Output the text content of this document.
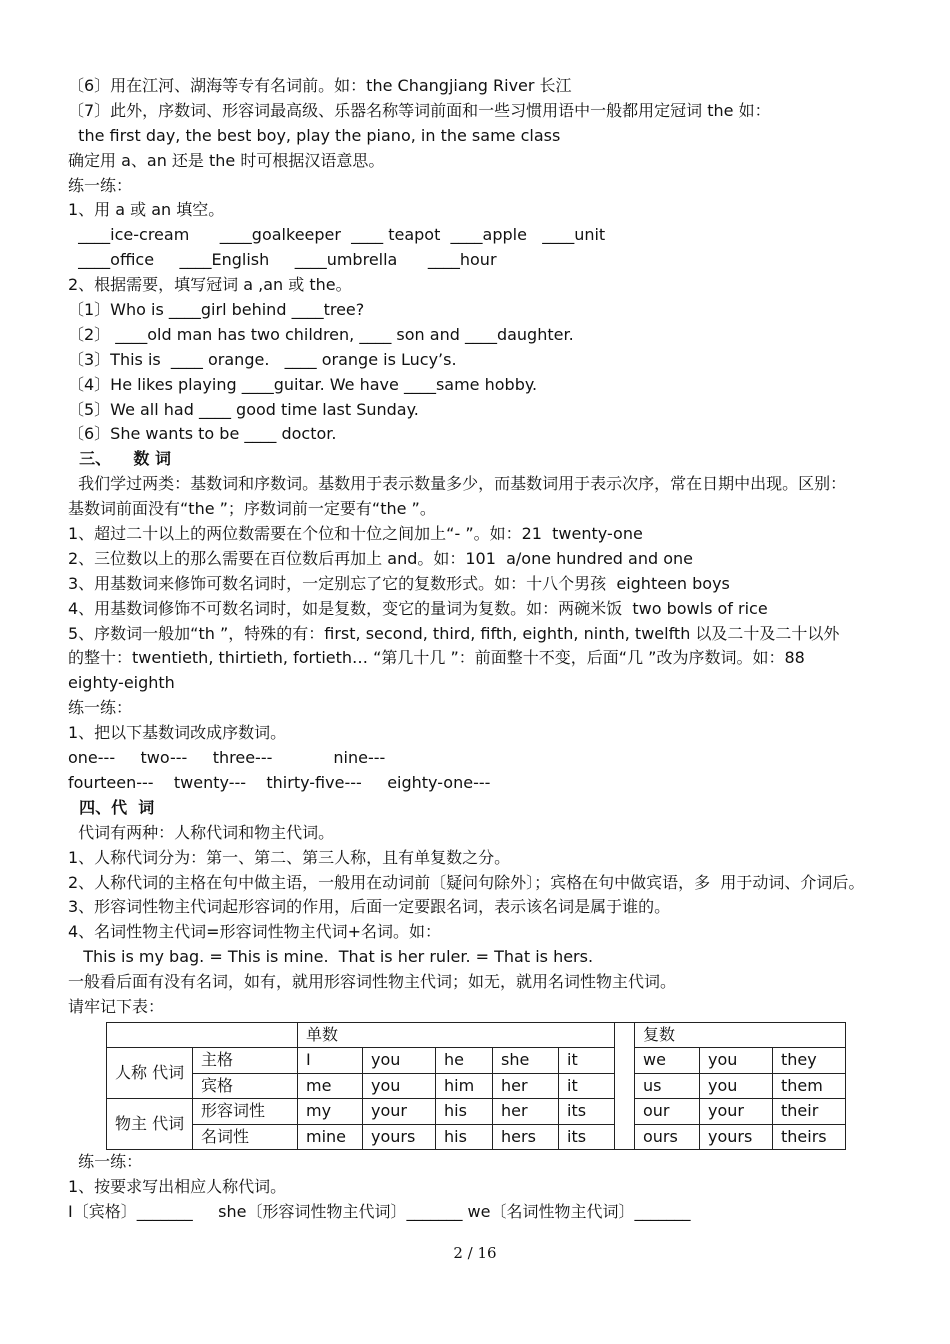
〔6〕用在江河、湖海等专有名词前。如：the Changjiang River 长江
〔7〕此外，序数词、形容词最高级、乐器名称等词前面和一些习惯用语中一般都用定冠词 the 如：
the first day, the best boy, play the piano, in the same class
确定用 a、an 还是 the 时可根据汉语意思。
练一练：
1、用 a 或 an 填空。
____ice-cream      ____goalkeeper  ____ teapot  ____apple   ____unit
____office     ____English     ____umbrella      ____hour
2、根据需要，填写冠词 a ,an 或 the。
〔1〕Who is ____girl behind ____tree?
〔2〕 ____old man has two children, ____ son and ____daughter.
〔3〕This is  ____ orange.   ____ orange is Lucy’s.
〔4〕He likes playing ____guitar. We have ____same hobby.
〔5〕We all had ____ good time last Sunday.
〔6〕She wants to be ____ doctor.
三、    数 词
我们学过两类：基数词和序数词。基数用于表示数量多少，而基数词用于表示次序，常在日期中出现。区别：
基数词前面没有“the ”；序数词前一定要有“the ”。
1、超过二十以上的两位数需要在个位和十位之间加上“- ”。如：21  twenty-one
2、三位数以上的那么需要在百位数后再加上 and。如：101  a/one hundred and one
3、用基数词来修饰可数名词时，一定别忘了它的复数形式。如：十八个男孩  eighteen boys
4、用基数词修饰不可数名词时，如是复数，变它的量词为复数。如：两碗米饭  two bowls of rice
5、序数词一般加“th ”，特殊的有：first, second, third, fifth, eighth, ninth, twelfth 以及二十及二十以外
的整十：twentieth, thirtieth, fortieth… “第几十几 ”：前面整十不变，后面“几 ”改为序数词。如：88
eighty-eighth
练一练：
1、把以下基数词改成序数词。
one---     two---     three---            nine---
fourteen---    twenty---    thirty-five---     eighty-one---
四、代  词
代词有两种：人称代词和物主代词。
1、人称代词分为：第一、第二、第三人称，且有单复数之分。
2、人称代词的主格在句中做主语，一般用在动词前〔疑问句除外〕；宾格在句中做宾语，多  用于动词、介词后。
3、形容词性物主代词起形容词的作用，后面一定要跟名词，表示该名词是属于谁的。
4、名词性物主代词=形容词性物主代词+名词。如：
This is my bag. = This is mine.  That is her ruler. = That is hers.
一般看后面有没有名词，如有，就用形容词性物主代词；如无，就用名词性物主代词。
请牢记下表：
		单数						复数		
人称 代词	主格	I	you	he	she	it		we	you	they
	宾格	me	you	him	her	it		us	you	them
物主 代词	形容词性	my	your	his	her	its		our	your	their
	名词性	mine	yours	his	hers	its		ours	yours	theirs
练一练：
1、按要求写出相应人称代词。
I〔宾格〕_______     she〔形容词性物主代词〕_______ we〔名词性物主代词〕_______
2 / 16
